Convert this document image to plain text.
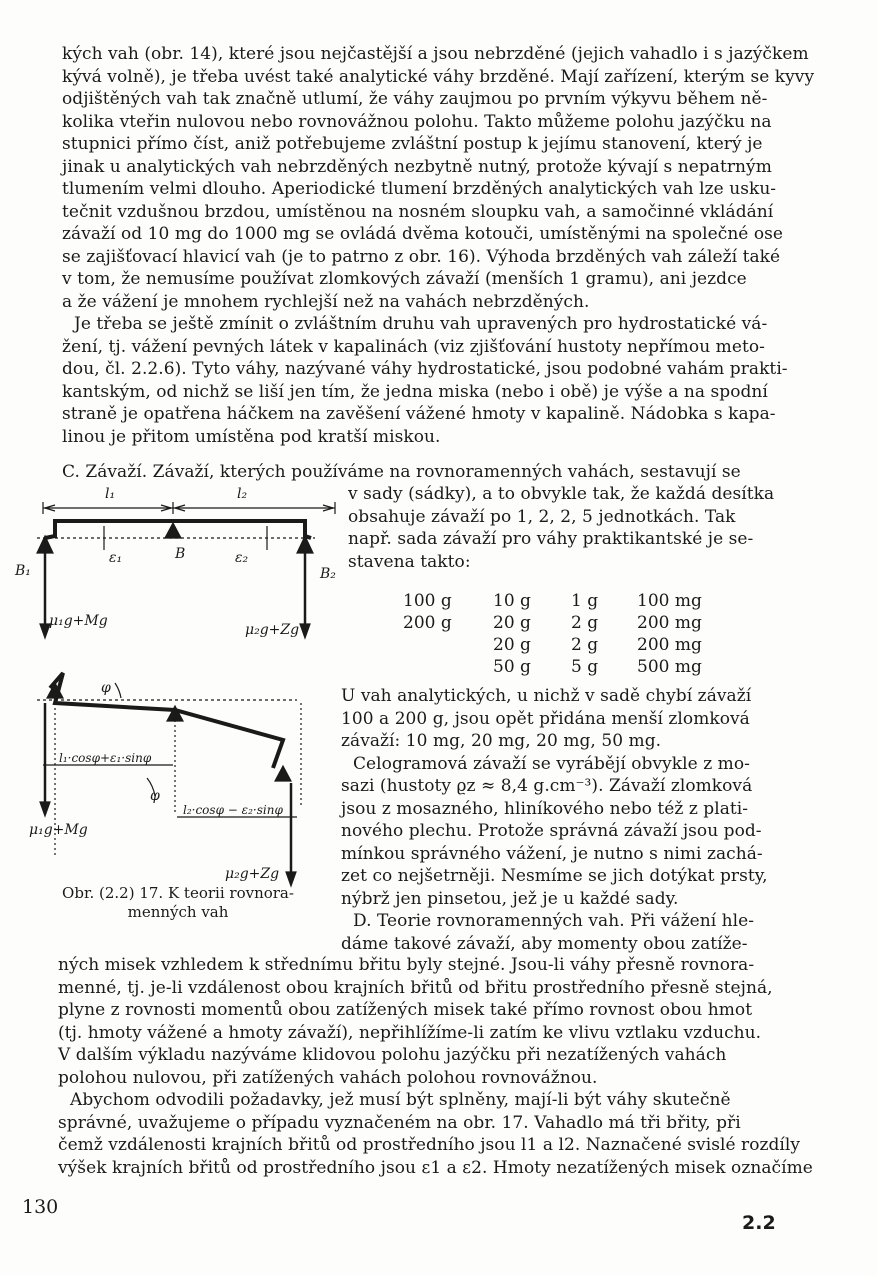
kých vah (obr. 14), které jsou nejčastější a jsou nebrzděné (jejich vahadlo i s jazýčkem
kývá volně), je třeba uvést také analytické váhy brzděné. Mají zařízení, kterým se kyvy
odjištěných vah tak značně utlumí, že váhy zaujmou po prvním výkyvu během ně-
kolika vteřin nulovou nebo rovnovážnou polohu. Takto můžeme polohu jazýčku na
stupnici přímo číst, aniž potřebujeme zvláštní postup k jejímu stanovení, který je
jinak u analytických vah nebrzděných nezbytně nutný, protože kývají s nepatrným
tlumením velmi dlouho. Aperiodické tlumení brzděných analytických vah lze usku-
tečnit vzdušnou brzdou, umístěnou na nosném sloupku vah, a samočinné vkládání
závaží od 10 mg do 1000 mg se ovládá dvěma kotouči, umístěnými na společné ose
se zajišťovací hlavicí vah (je to patrno z obr. 16). Výhoda brzděných vah záleží také
v tom, že nemusíme používat zlomkových závaží (menších 1 gramu), ani jezdce
a že vážení je mnohem rychlejší než na vahách nebrzděných.
Je třeba se ještě zmínit o zvláštním druhu vah upravených pro hydrostatické vá-
žení, tj. vážení pevných látek v kapalinách (viz zjišťování hustoty nepřímou meto-
dou, čl. 2.2.6). Tyto váhy, nazývané váhy hydrostatické, jsou podobné vahám prakti-
kantským, od nichž se liší jen tím, že jedna miska (nebo i obě) je výše a na spodní
straně je opatřena háčkem na zavěšení vážené hmoty v kapalině. Nádobka s kapa-
linou je přitom umístěna pod kratší miskou.
C. Závaží. Závaží, kterých používáme na rovnoramenných vahách, sestavují se
v sady (sádky), a to obvykle tak, že každá desítka
obsahuje závaží po 1, 2, 2, 5 jednotkách. Tak
např. sada závaží pro váhy praktikantské je se-
stavena takto:
100 g	10 g	1 g	100 mg
200 g	20 g	2 g	200 mg
	20 g	2 g	200 mg
	50 g	5 g	500 mg
U vah analytických, u nichž v sadě chybí závaží
100 a 200 g, jsou opět přidána menší zlomková
závaží: 10 mg, 20 mg, 20 mg, 50 mg.
Celogramová závaží se vyrábějí obvykle z mo-
sazi (hustoty ϱz ≈ 8,4 g.cm⁻³). Závaží zlomková
jsou z mosazného, hliníkového nebo též z plati-
nového plechu. Protože správná závaží jsou pod-
mínkou správného vážení, je nutno s nimi zachá-
zet co nejšetrněji. Nesmíme se jich dotýkat prsty,
nýbrž jen pinsetou, jež je u každé sady.
D. Teorie rovnoramenných vah. Při vážení hle-
dáme takové závaží, aby momenty obou zatíže-
l₁	l₂
ε₁	ε₂
B
B₁	B₂
μ₁g+Mg
μ₂g+Zg
φ
φ
l₁·cosφ+ε₁·sinφ
l₂·cosφ − ε₂·sinφ
μ₁g+Mg
μ₂g+Zg
Obr. (2.2) 17. K teorii rovnora-
menných vah
ných misek vzhledem k střednímu břitu byly stejné. Jsou-li váhy přesně rovnora-
menné, tj. je-li vzdálenost obou krajních břitů od břitu prostředního přesně stejná,
plyne z rovnosti momentů obou zatížených misek také přímo rovnost obou hmot
(tj. hmoty vážené a hmoty závaží), nepřihlížíme-li zatím ke vlivu vztlaku vzduchu.
V dalším výkladu nazýváme klidovou polohu jazýčku při nezatížených vahách
polohou nulovou, při zatížených vahách polohou rovnovážnou.
Abychom odvodili požadavky, jež musí být splněny, mají-li být váhy skutečně
správné, uvažujeme o případu vyznačeném na obr. 17. Vahadlo má tři břity, při
čemž vzdálenosti krajních břitů od prostředního jsou l1 a l2. Naznačené svislé rozdíly
výšek krajních břitů od prostředního jsou ε1 a ε2. Hmoty nezatížených misek označíme
130
2.2
